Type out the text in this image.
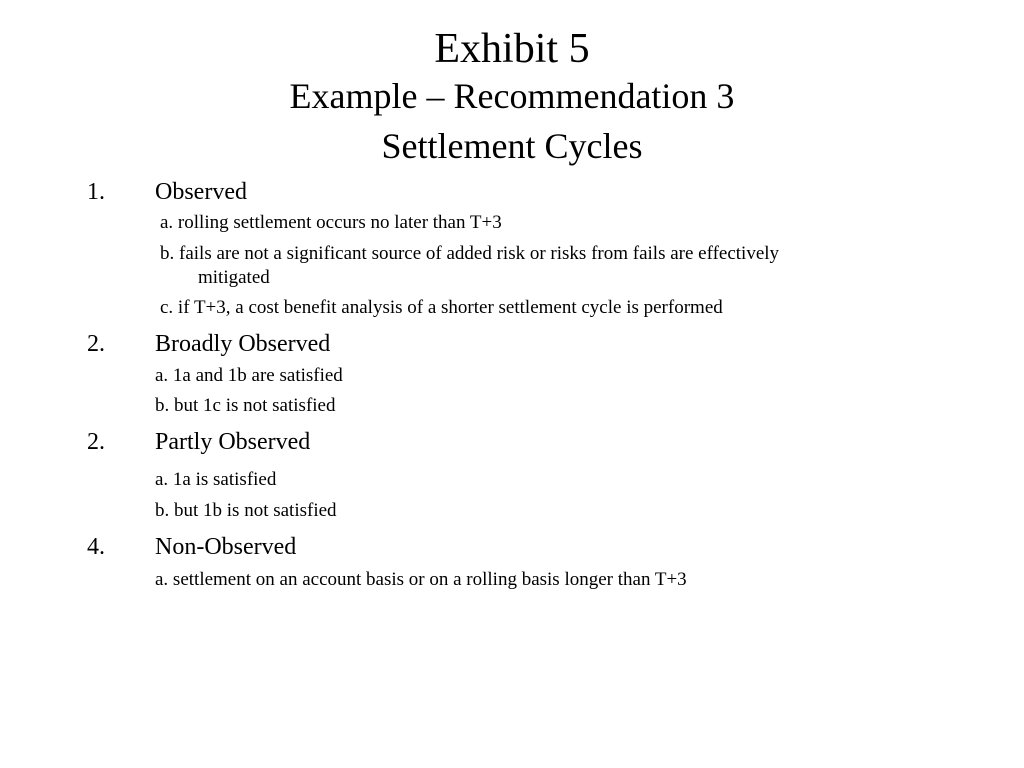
Exhibit 5
Example – Recommendation 3
Settlement Cycles
1. Observed
a. rolling settlement occurs no later than T+3
b. fails are not a significant source of added risk or risks from fails are effectively
mitigated
c. if T+3, a cost benefit analysis of a shorter settlement cycle is performed
2. Broadly Observed
a. 1a and 1b are satisfied
b. but 1c is not satisfied
2. Partly Observed
a. 1a is satisfied
b. but 1b is not satisfied
4. Non-Observed
a. settlement on an account basis or on a rolling basis longer than T+3
